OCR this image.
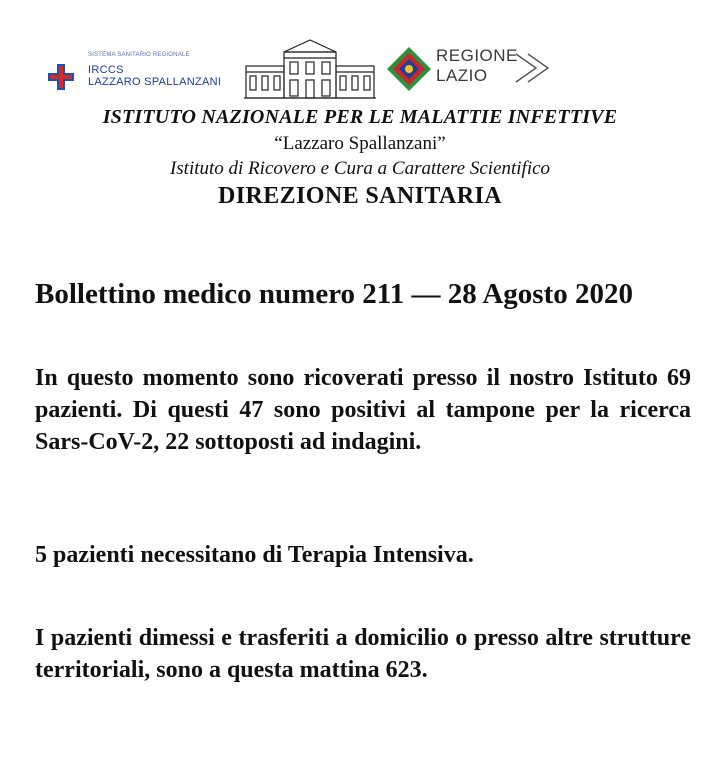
SISTEMA SANITARIO REGIONALE
IRCCS
LAZZARO SPALLANZANI
REGIONE
LAZIO
ISTITUTO NAZIONALE PER LE MALATTIE INFETTIVE
“Lazzaro Spallanzani”
Istituto di Ricovero e Cura a Carattere Scientifico
DIREZIONE SANITARIA

Bollettino medico numero 211 — 28 Agosto 2020

In questo momento sono ricoverati presso il nostro Istituto 69 pazienti. Di questi 47 sono positivi al tampone per la ricerca Sars-CoV-2, 22 sottoposti ad indagini.

5 pazienti necessitano di Terapia Intensiva.

I pazienti dimessi e trasferiti a domicilio o presso altre strutture territoriali, sono a questa mattina 623.
